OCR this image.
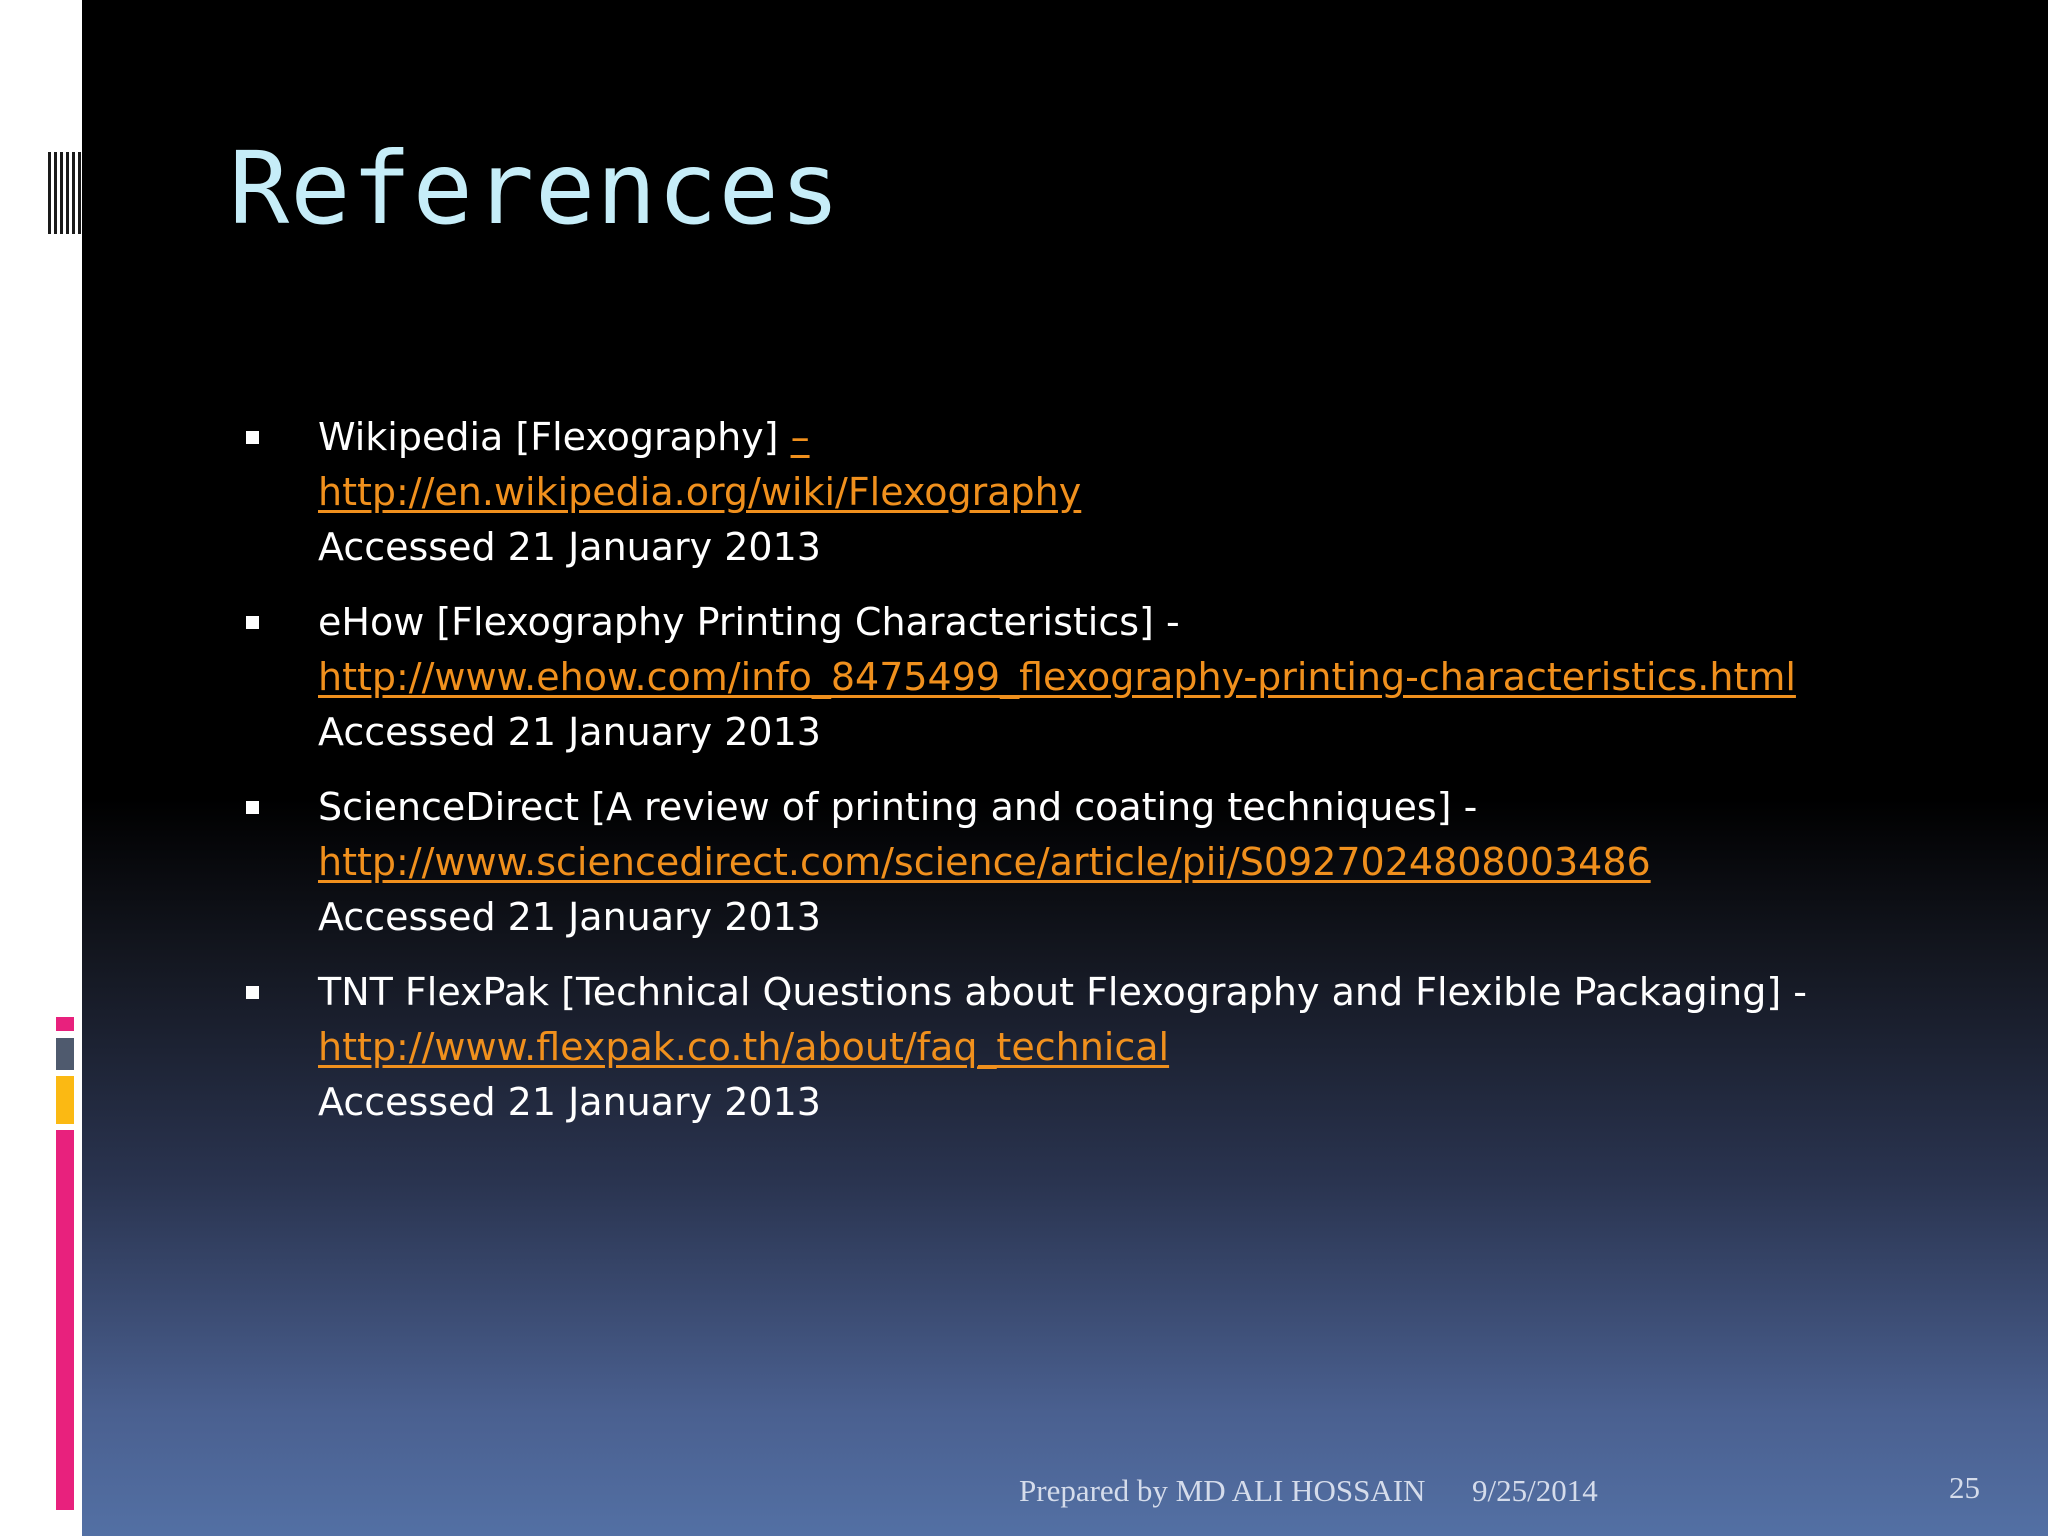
References
Wikipedia [Flexography] –
http://en.wikipedia.org/wiki/Flexography
Accessed 21 January 2013
eHow [Flexography Printing Characteristics] -
http://www.ehow.com/info_8475499_flexography-printing-characteristics.html
Accessed 21 January 2013
ScienceDirect [A review of printing and coating techniques] -
http://www.sciencedirect.com/science/article/pii/S0927024808003486
Accessed 21 January 2013
TNT FlexPak [Technical Questions about Flexography and Flexible Packaging] -
http://www.flexpak.co.th/about/faq_technical
Accessed 21 January 2013
Prepared by MD ALI HOSSAIN 9/25/2014	25
